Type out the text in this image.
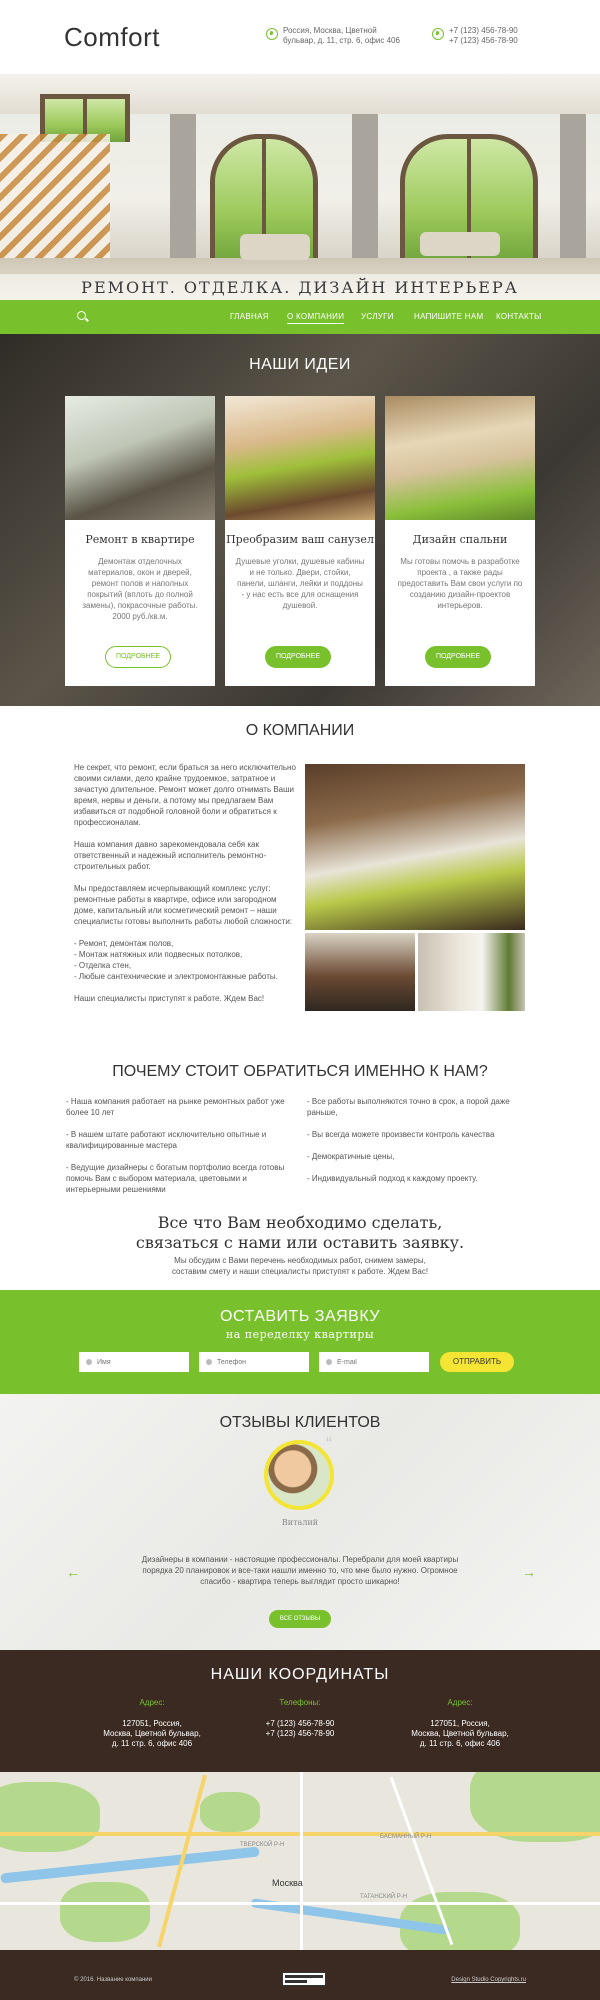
Comfort	Россия, Москва, Цветной
бульвар, д. 11, стр. 6, офис 406
+7 (123) 456-78-90
+7 (123) 456-78-90
РЕМОНТ. ОТДЕЛКА. ДИЗАЙН ИНТЕРЬЕРА
ГЛАВНАЯ О КОМПАНИИ УСЛУГИ	НАПИШИТЕ НАМ КОНТАКТЫ
НАШИ ИДЕИ
Ремонт в квартире
Демонтаж отделочных материалов, окон и дверей, ремонт полов и наполных покрытий (вплоть до полной замены), покрасочные работы. 2000 руб./кв.м.
ПОДРОБНЕЕ
Преобразим ваш санузел
Душевые уголки, душевые кабины и не только. Двери, стойки, панели, шланги, лейки и поддоны - у нас есть все для оснащения душевой.
ПОДРОБНЕЕ
Дизайн спальни
Мы готовы помочь в разработке проекта , а также рады предоставить Вам свои услуги по созданию дизайн-проектов интерьеров.
ПОДРОБНЕЕ
О КОМПАНИИ

Не секрет, что ремонт, если браться за него исключительно своими силами, дело крайне трудоемкое, затратное и зачастую длительное. Ремонт может долго отнимать Ваши время, нервы и деньги, а потому мы предлагаем Вам избавиться от подобной головной боли и обратиться к профессионалам.

Наша компания давно зарекомендовала себя как ответственный и надежный исполнитель ремонтно-строительных работ.

Мы предоставляем исчерпывающий комплекс услуг: ремонтные работы в квартире, офисе или загородном доме, капитальный или косметический ремонт – наши специалисты готовы выполнить работы любой сложности:

- Ремонт, демонтаж полов,
- Монтаж натяжных или подвесных потолков,
- Отделка стен,
- Любые сантехнические и электромонтажные работы.

Наши специалисты приступят к работе. Ждем Вас!

ПОЧЕМУ СТОИТ ОБРАТИТЬСЯ ИМЕННО К НАМ?

- Наша компания работает на рынке ремонтных работ уже более 10 лет

- В нашем штате работают исключительно опытные и квалифицированные мастера

- Ведущие дизайнеры с богатым портфолио всегда готовы помочь Вам с выбором материала, цветовыми и интерьерными решениями

- Все работы выполняются точно в срок, а порой даже раньше,

- Вы всегда можете произвести контроль качества

- Демократичные цены,

- Индивидуальный подход к каждому проекту.

Все что Вам необходимо сделать,
связаться с нами или оставить заявку.
Мы обсудим с Вами перечень необходимых работ, снимем замеры,
составим смету и наши специалисты приступят к работе. Ждем Вас!
ОСТАВИТЬ ЗАЯВКУ
на переделку квартиры
Имя
Телефон
E-mail
ОТПРАВИТЬ
ОТЗЫВЫ КЛИЕНТОВ
“
Виталий
Дизайнеры в компании - настоящие профессионалы. Перебрали для моей квартиры порядка 20 планировок и все-таки нашли именно то, что мне было нужно. Огромное спасибо - квартира теперь выглядит просто шикарно!
←	→
ВСЕ ОТЗЫВЫ
НАШИ КООРДИНАТЫ
Адрес:
127051, Россия,
Москва, Цветной бульвар,
д. 11 стр. 6, офис 406
Телефоны:
+7 (123) 456-78-90
+7 (123) 456-78-90
Адрес:
127051, Россия,
Москва, Цветной бульвар,
д. 11 стр. 6, офис 406
Москва
ТВЕРСКОЙ Р-Н
БАСМАННЫЙ Р-Н
ТАГАНСКИЙ Р-Н
© 2016. Название компании	Design Studio Copyrights.ru
